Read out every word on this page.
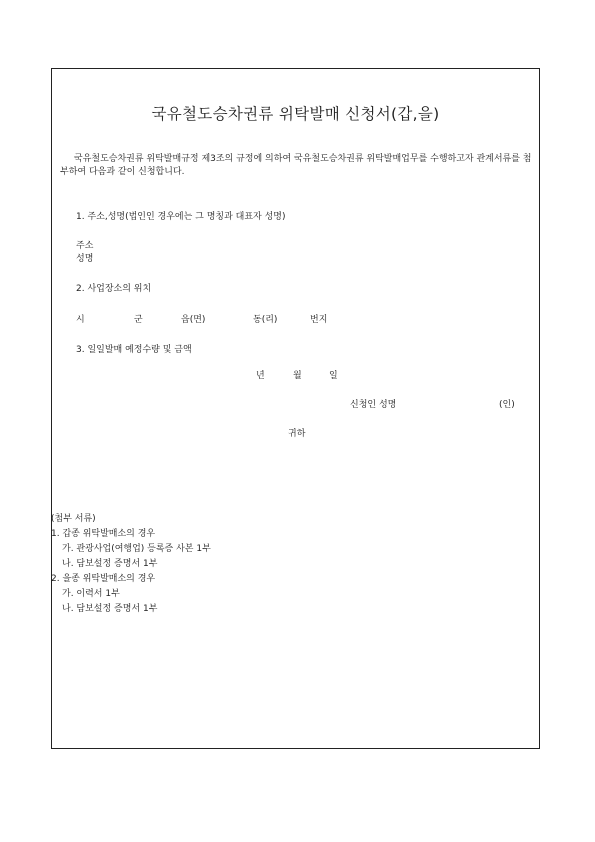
국유철도승차권류 위탁발매 신청서(갑,을)
국유철도승차권류 위탁발매규정 제3조의 규정에 의하여 국유철도승차권류 위탁발매업무를 수행하고자 관계서류를 첨부하여 다음과 같이 신청합니다.
1. 주소,성명(법인인 경우에는 그 명칭과 대표자 성명)
주소
성명
2. 사업장소의 위치
시	군	읍(면)	동(리)	번지
3. 일일발매 예정수량 및 금액
년	월	일
신청인 성명	(인)
귀하
(첨부 서류)
1. 갑종 위탁발매소의 경우
가. 관광사업(여행업) 등록증 사본 1부
나. 담보설정 증명서 1부
2. 을종 위탁발매소의 경우
가. 이력서 1부
나. 담보설정 증명서 1부
